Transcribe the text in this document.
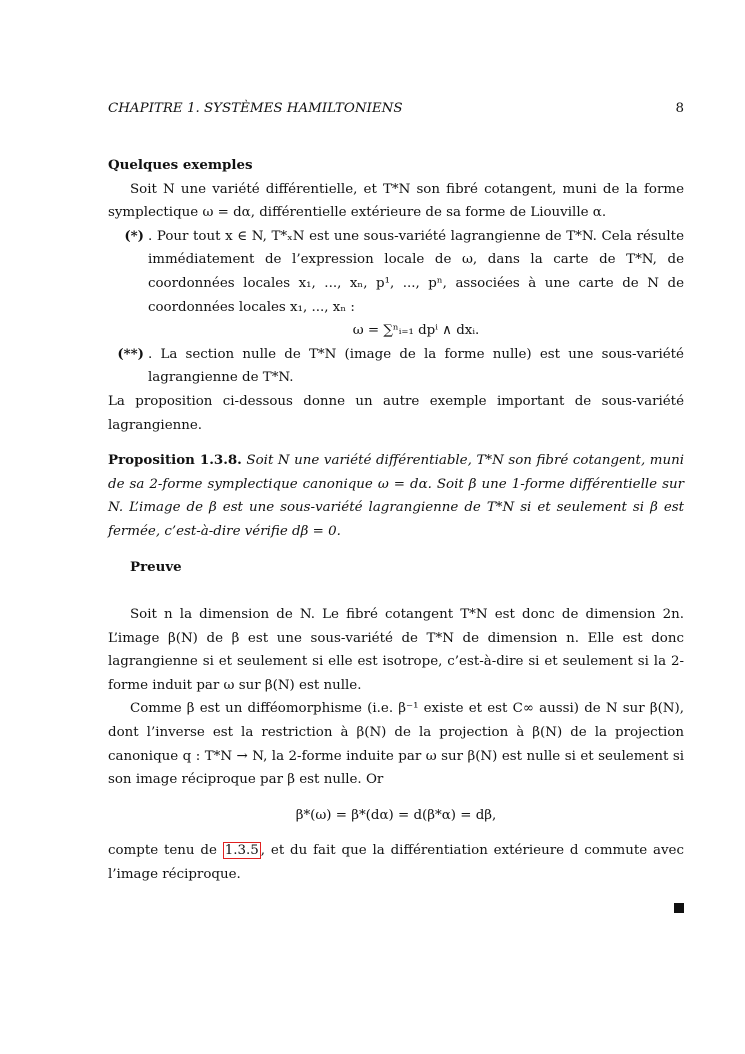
CHAPITRE 1. SYSTÈMES HAMILTONIENS	8

Quelques exemples

Soit N une variété différentielle, et T*N son fibré cotangent, muni de la forme symplectique ω = dα, différentielle extérieure de sa forme de Liouville α.

(*) . Pour tout x ∈ N, T*ₓN est une sous-variété lagrangienne de T*N. Cela résulte immédiatement de l’expression locale de ω, dans la carte de T*N, de coordonnées locales x₁, ..., xₙ, p¹, ..., pⁿ, associées à une carte de N de coordonnées locales x₁, ..., xₙ :

ω = ∑ⁿᵢ₌₁ dpⁱ ∧ dxᵢ.

(**) . La section nulle de T*N (image de la forme nulle) est une sous-variété lagrangienne de T*N.

La proposition ci-dessous donne un autre exemple important de sous-variété lagrangienne.

Proposition 1.3.8. Soit N une variété différentiable, T*N son fibré cotangent, muni de sa 2-forme symplectique canonique ω = dα. Soit β une 1-forme différentielle sur N. L’image de β est une sous-variété lagrangienne de T*N si et seulement si β est fermée, c’est-à-dire vérifie dβ = 0.

Preuve

Soit n la dimension de N. Le fibré cotangent T*N est donc de dimension 2n. L’image β(N) de β est une sous-variété de T*N de dimension n. Elle est donc lagrangienne si et seulement si elle est isotrope, c’est-à-dire si et seulement si la 2-forme induit par ω sur β(N) est nulle.

Comme β est un difféomorphisme (i.e. β⁻¹ existe et est C∞ aussi) de N sur β(N), dont l’inverse est la restriction à β(N) de la projection à β(N) de la projection canonique q : T*N → N, la 2-forme induite par ω sur β(N) est nulle si et seulement si son image réciproque par β est nulle. Or

β*(ω) = β*(dα) = d(β*α) = dβ,

compte tenu de 1.3.5 , et du fait que la différentiation extérieure d commute avec l’image réciproque.
